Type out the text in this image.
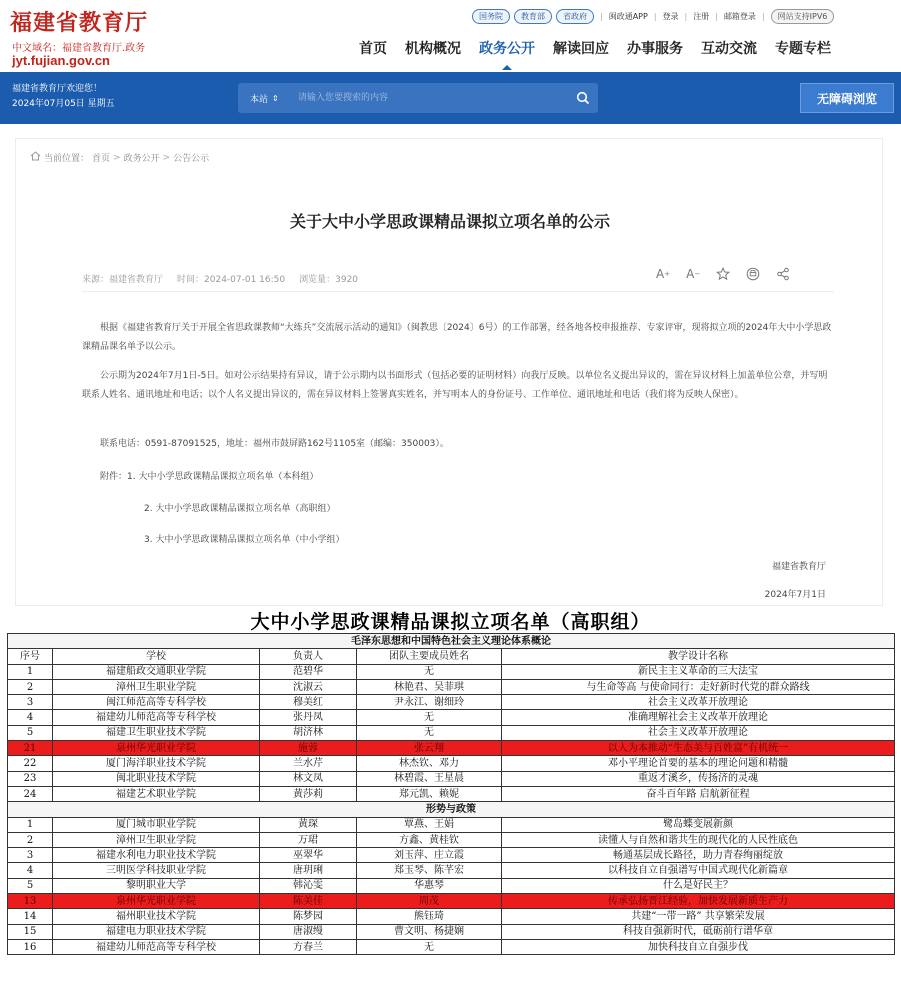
福建省教育厅
中文域名：福建省教育厅.政务
jyt.fujian.gov.cn
国务院	教育部	省政府	| 闽政通APP | 登录 | 注册 | 邮箱登录 |	网站支持IPV6
首页	机构概况	政务公开	解读回应	办事服务	互动交流	专题专栏
福建省教育厅欢迎您！
2024年07月05日 星期五	本站 ⇕
请输入您要搜索的内容	无障碍浏览
当前位置： 首页 > 政务公开 > 公告公示
关于大中小学思政课精品课拟立项名单的公示
来源：福建省教育厅 时间：2024-07-01 16:50 浏览量：3920	A + A −
根据《福建省教育厅关于开展全省思政课教师“大练兵”交流展示活动的通知》（闽教思〔2024〕6号）的工作部署，经各地各校申报推荐、专家评审，现将拟立项的2024年大中小学思政课精品课名单予以公示。
公示期为2024年7月1日-5日。如对公示结果持有异议，请于公示期内以书面形式（包括必要的证明材料）向我厅反映。以单位名义提出异议的，需在异议材料上加盖单位公章，并写明联系人姓名、通讯地址和电话；以个人名义提出异议的，需在异议材料上签署真实姓名，并写明本人的身份证号、工作单位、通讯地址和电话（我们将为反映人保密）。
联系电话：0591-87091525，地址：福州市鼓屏路162号1105室（邮编：350003）。
附件：1. 大中小学思政课精品课拟立项名单（本科组）
2. 大中小学思政课精品课拟立项名单（高职组）
3. 大中小学思政课精品课拟立项名单（中小学组）
福建省教育厅
2024年7月1日
大中小学思政课精品课拟立项名单（高职组）
毛泽东思想和中国特色社会主义理论体系概论				
序号	学校	负责人	团队主要成员姓名	教学设计名称
1	福建船政交通职业学院	范碧华	无	新民主主义革命的三大法宝
2	漳州卫生职业学院	沈淑云	林艳君、吴菲琪	与生命等高 与使命同行：走好新时代党的群众路线
3	闽江师范高等专科学校	穆美红	尹永江、谢细玲	社会主义改革开放理论
4	福建幼儿师范高等专科学校	张丹凤	无	准确理解社会主义改革开放理论
5	福建卫生职业技术学院	胡济林	无	社会主义改革开放理论
21	泉州华光职业学院	施蓉	张云翔	以人为本推动“生态美与百姓富”有机统一
22	厦门海洋职业技术学院	兰水芹	林杰钦、邓力	邓小平理论首要的基本的理论问题和精髓
23	闽北职业技术学院	林文凤	林碧霞、王星晨	重返才溪乡，传扬济的灵魂
24	福建艺术职业学院	黄莎莉	郑元凯、赖妮	奋斗百年路 启航新征程
形势与政策				
1	厦门城市职业学院	黄琛	覃燕、王娟	鹭岛蝶变展新颜
2	漳州卫生职业学院	万珺	方鑫、黄桂钦	读懂人与自然和谐共生的现代化的人民性底色
3	福建水利电力职业技术学院	巫翠华	刘玉萍、庄立霞	畅通基层成长路径，助力青春绚丽绽放
4	三明医学科技职业学院	唐玥琍	郑玉琴、陈芊宏	以科技自立自强谱写中国式现代化新篇章
5	黎明职业大学	韩沁雯	华惠琴	什么是好民主？
13	泉州华光职业学院	陈美佳	周茂	传承弘扬晋江经验，加快发展新质生产力
14	福州职业技术学院	陈梦园	熊钰琦	共建“一带一路” 共享繁荣发展
15	福建电力职业技术学院	唐淑缦	曹文明、杨捷娴	科技自强新时代，砥砺前行谱华章
16	福建幼儿师范高等专科学校	方春兰	无	加快科技自立自强步伐
